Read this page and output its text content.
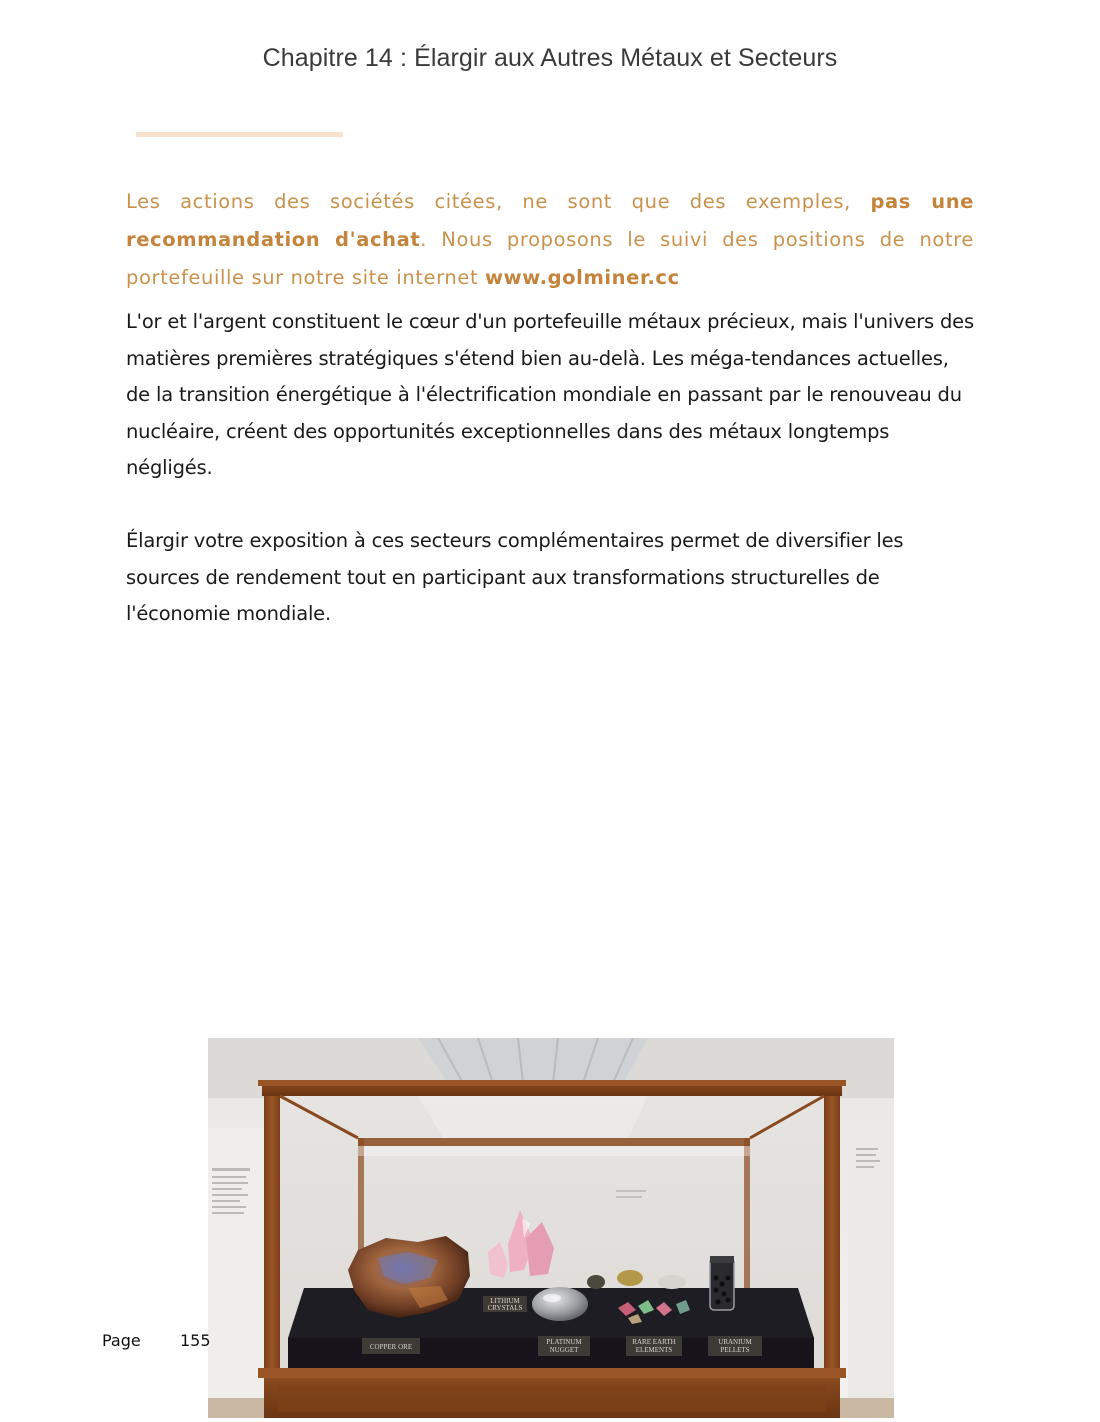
Chapitre 14 : Élargir aux Autres Métaux et Secteurs
Les actions des sociétés citées, ne sont que des exemples, pas une recommandation d'achat. Nous proposons le suivi des positions de notre portefeuille sur notre site internet www.golminer.cc
L'or et l'argent constituent le cœur d'un portefeuille métaux précieux, mais l'univers des matières premières stratégiques s'étend bien au-delà. Les méga-tendances actuelles, de la transition énergétique à l'électrification mondiale en passant par le renouveau du nucléaire, créent des opportunités exceptionnelles dans des métaux longtemps négligés.
Élargir votre exposition à ces secteurs complémentaires permet de diversifier les sources de rendement tout en participant aux transformations structurelles de l'économie mondiale.
LITHIUM
CRYSTALS
COPPER ORE
PLATINUM
NUGGET
RARE EARTH
ELEMENTS
URANIUM
PELLETS
Page 155
